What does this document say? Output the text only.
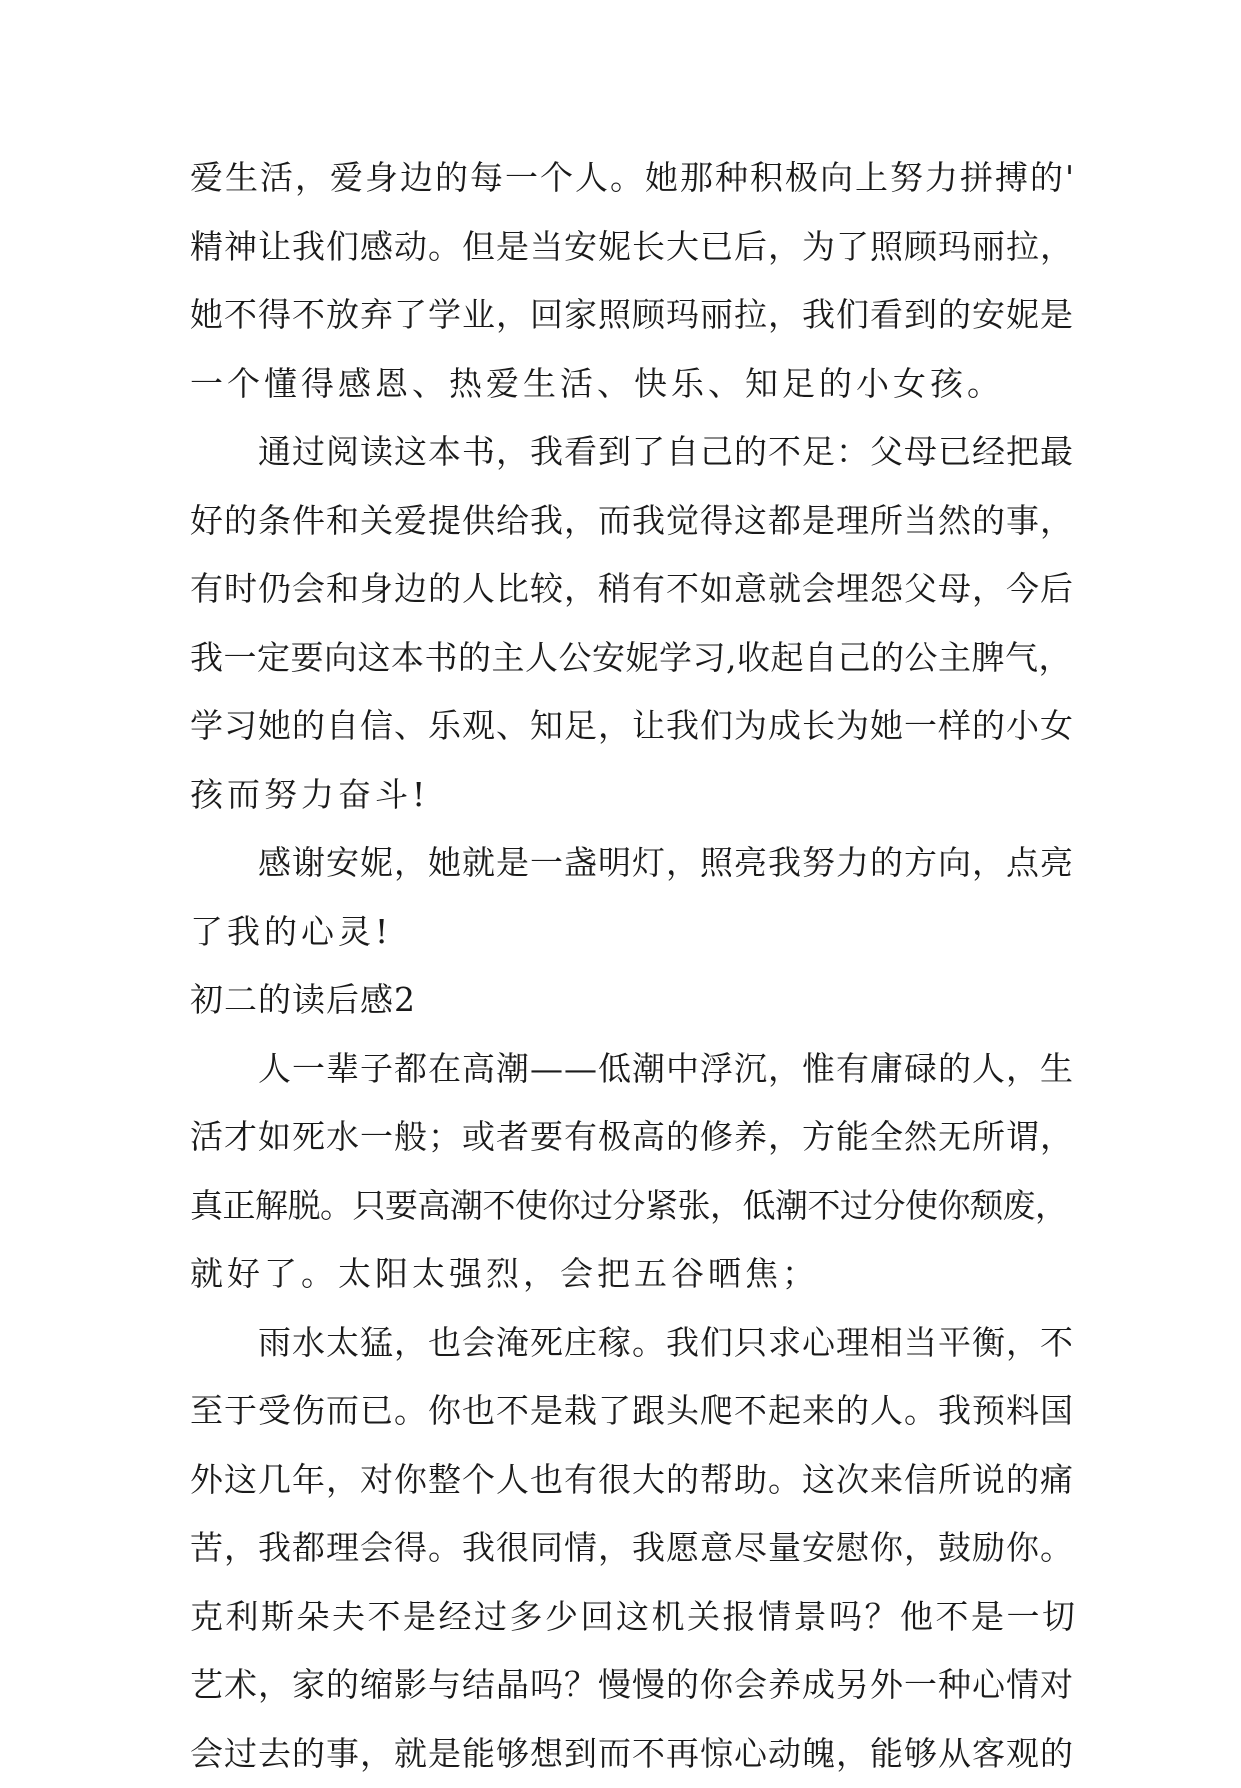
爱生活，爱身边的每一个人。她那种积极向上努力拼搏的'
精神让我们感动。但是当安妮长大已后，为了照顾玛丽拉，
她不得不放弃了学业，回家照顾玛丽拉，我们看到的安妮是
一个懂得感恩、热爱生活、快乐、知足的小女孩。
　　通过阅读这本书，我看到了自己的不足：父母已经把最
好的条件和关爱提供给我，而我觉得这都是理所当然的事，
有时仍会和身边的人比较，稍有不如意就会埋怨父母，今后
我一定要向这本书的主人公安妮学习,收起自己的公主脾气，
学习她的自信、乐观、知足，让我们为成长为她一样的小女
孩而努力奋斗!
　　感谢安妮，她就是一盏明灯，照亮我努力的方向，点亮
了我的心灵!
初二的读后感2
　　人一辈子都在高潮——低潮中浮沉，惟有庸碌的人，生
活才如死水一般；或者要有极高的修养，方能全然无所谓，
真正解脱。只要高潮不使你过分紧张，低潮不过分使你颓废，
就好了。太阳太强烈，会把五谷晒焦；
　　雨水太猛，也会淹死庄稼。我们只求心理相当平衡，不
至于受伤而已。你也不是栽了跟头爬不起来的人。我预料国
外这几年，对你整个人也有很大的帮助。这次来信所说的痛
苦，我都理会得。我很同情，我愿意尽量安慰你，鼓励你。
克利斯朵夫不是经过多少回这机关报情景吗？他不是一切
艺术，家的缩影与结晶吗？慢慢的你会养成另外一种心情对
会过去的事，就是能够想到而不再惊心动魄，能够从客观的
